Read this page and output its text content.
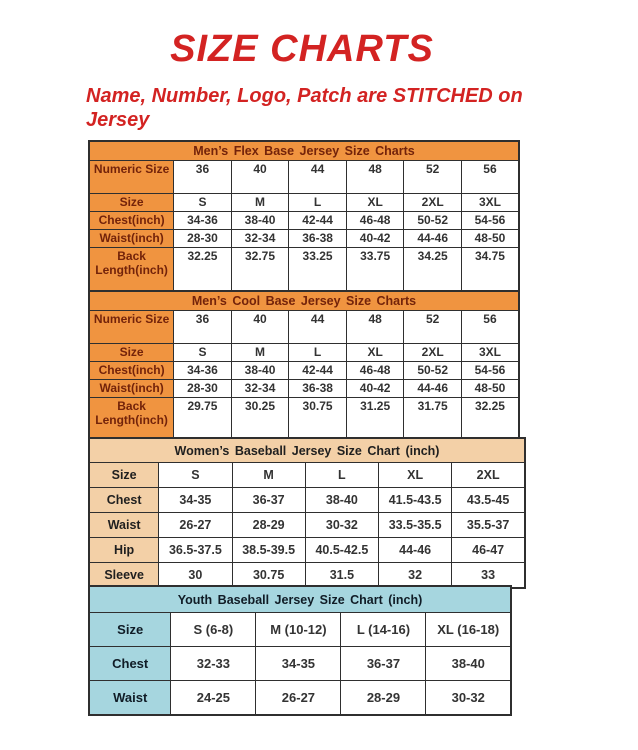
SIZE CHARTS

Name, Number, Logo, Patch are STITCHED on Jersey

Men’s Flex Base Jersey Size Charts						
Numeric Size	36	40	44	48	52	56
Size	S	M	L	XL	2XL	3XL
Chest(inch)	34-36	38-40	42-44	46-48	50-52	54-56
Waist(inch)	28-30	32-34	36-38	40-42	44-46	48-50
Back Length(inch)	32.25	32.75	33.25	33.75	34.25	34.75
Men’s Cool Base Jersey Size Charts						
Numeric Size	36	40	44	48	52	56
Size	S	M	L	XL	2XL	3XL
Chest(inch)	34-36	38-40	42-44	46-48	50-52	54-56
Waist(inch)	28-30	32-34	36-38	40-42	44-46	48-50
Back Length(inch)	29.75	30.25	30.75	31.25	31.75	32.25
Women’s Baseball Jersey Size Chart (inch)					
Size	S	M	L	XL	2XL
Chest	34-35	36-37	38-40	41.5-43.5	43.5-45
Waist	26-27	28-29	30-32	33.5-35.5	35.5-37
Hip	36.5-37.5	38.5-39.5	40.5-42.5	44-46	46-47
Sleeve	30	30.75	31.5	32	33
Youth Baseball Jersey Size Chart (inch)				
Size	S (6-8)	M (10-12)	L (14-16)	XL (16-18)
Chest	32-33	34-35	36-37	38-40
Waist	24-25	26-27	28-29	30-32
